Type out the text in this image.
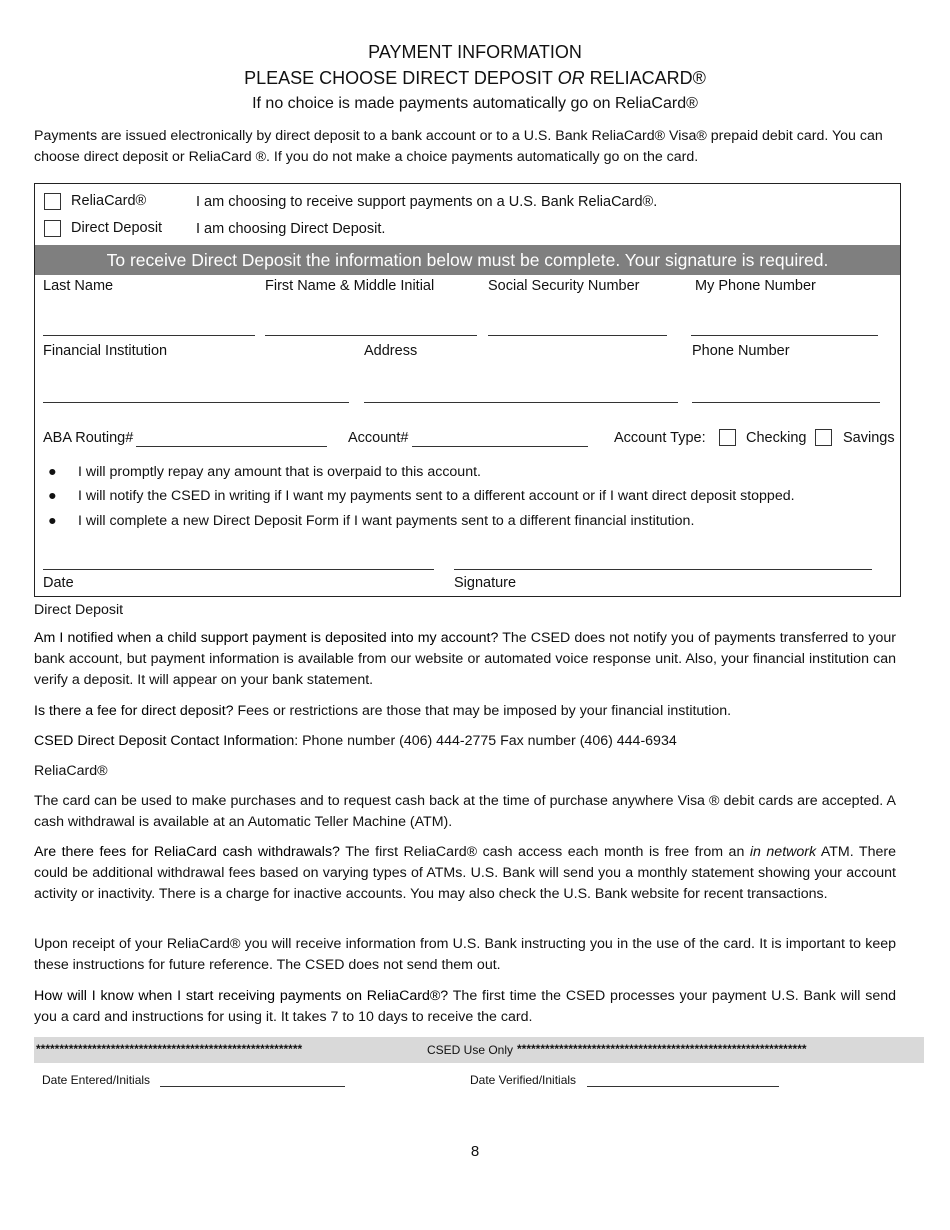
PAYMENT INFORMATION
PLEASE CHOOSE DIRECT DEPOSIT OR RELIACARD®
If no choice is made payments automatically go on ReliaCard®
Payments are issued electronically by direct deposit to a bank account or to a U.S. Bank ReliaCard® Visa® prepaid debit card. You can choose direct deposit or ReliaCard ®. If you do not make a choice payments automatically go on the card.
ReliaCard®	I am choosing to receive support payments on a U.S. Bank ReliaCard®.
Direct Deposit I am choosing Direct Deposit.
To receive Direct Deposit the information below must be complete. Your signature is required.
Last Name	First Name & Middle Initial	Social Security Number	My Phone Number
Financial Institution	Address	Phone Number
ABA Routing#	Account#	Account Type:	Checking	Savings
● I will promptly repay any amount that is overpaid to this account.
● I will notify the CSED in writing if I want my payments sent to a different account or if I want direct deposit stopped.
● I will complete a new Direct Deposit Form if I want payments sent to a different financial institution.
Date	Signature
Direct Deposit
Am I notified when a child support payment is deposited into my account? The CSED does not notify you of payments transferred to your bank account, but payment information is available from our website or automated voice response unit. Also, your financial institution can verify a deposit. It will appear on your bank statement.
Is there a fee for direct deposit? Fees or restrictions are those that may be imposed by your financial institution.
CSED Direct Deposit Contact Information: Phone number (406) 444-2775 Fax number (406) 444-6934
ReliaCard®
The card can be used to make purchases and to request cash back at the time of purchase anywhere Visa ® debit cards are accepted. A cash withdrawal is available at an Automatic Teller Machine (ATM).
Are there fees for ReliaCard cash withdrawals? The first ReliaCard® cash access each month is free from an in network ATM. There could be additional withdrawal fees based on varying types of ATMs. U.S. Bank will send you a monthly statement showing your account activity or inactivity. There is a charge for inactive accounts. You may also check the U.S. Bank website for recent transactions.
Upon receipt of your ReliaCard® you will receive information from U.S. Bank instructing you in the use of the card. It is important to keep these instructions for future reference. The CSED does not send them out.
How will I know when I start receiving payments on ReliaCard®? The first time the CSED processes your payment U.S. Bank will send you a card and instructions for using it. It takes 7 to 10 days to receive the card.
*********************************************************	CSED Use Only **************************************************************
Date Entered/Initials	Date Verified/Initials
8
